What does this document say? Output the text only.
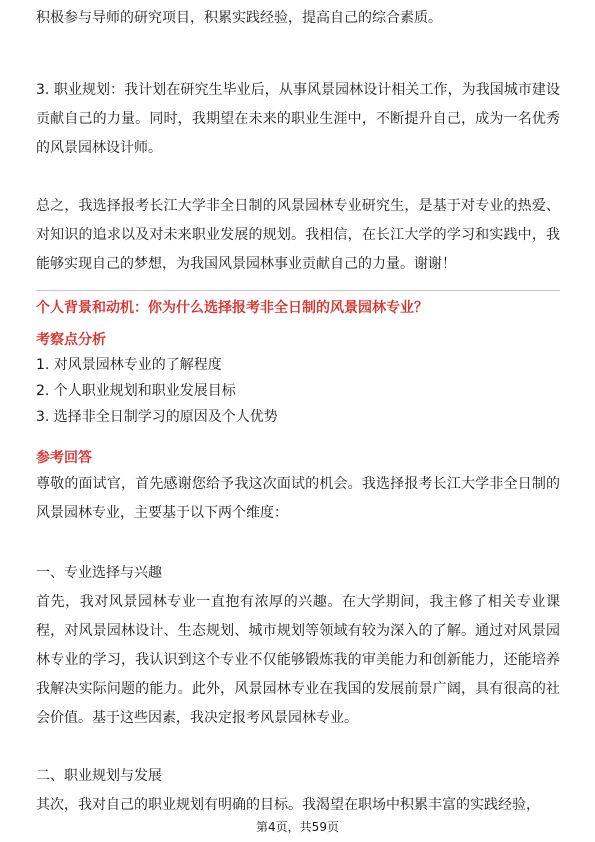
积极参与导师的研究项目，积累实践经验，提高自己的综合素质。

3. 职业规划：我计划在研究生毕业后，从事风景园林设计相关工作，为我国城市建设贡献自己的力量。同时，我期望在未来的职业生涯中，不断提升自己，成为一名优秀的风景园林设计师。

总之，我选择报考长江大学非全日制的风景园林专业研究生，是基于对专业的热爱、对知识的追求以及对未来职业发展的规划。我相信，在长江大学的学习和实践中，我能够实现自己的梦想，为我国风景园林事业贡献自己的力量。谢谢！

个人背景和动机：你为什么选择报考非全日制的风景园林专业？

考察点分析

1. 对风景园林专业的了解程度

2. 个人职业规划和职业发展目标

3. 选择非全日制学习的原因及个人优势

参考回答

尊敬的面试官，首先感谢您给予我这次面试的机会。我选择报考长江大学非全日制的风景园林专业，主要基于以下两个维度：

一、专业选择与兴趣

首先，我对风景园林专业一直抱有浓厚的兴趣。在大学期间，我主修了相关专业课程，对风景园林设计、生态规划、城市规划等领域有较为深入的了解。通过对风景园林专业的学习，我认识到这个专业不仅能够锻炼我的审美能力和创新能力，还能培养我解决实际问题的能力。此外，风景园林专业在我国的发展前景广阔，具有很高的社会价值。基于这些因素，我决定报考风景园林专业。

二、职业规划与发展

其次，我对自己的职业规划有明确的目标。我渴望在职场中积累丰富的实践经验，

第4页，共59页
